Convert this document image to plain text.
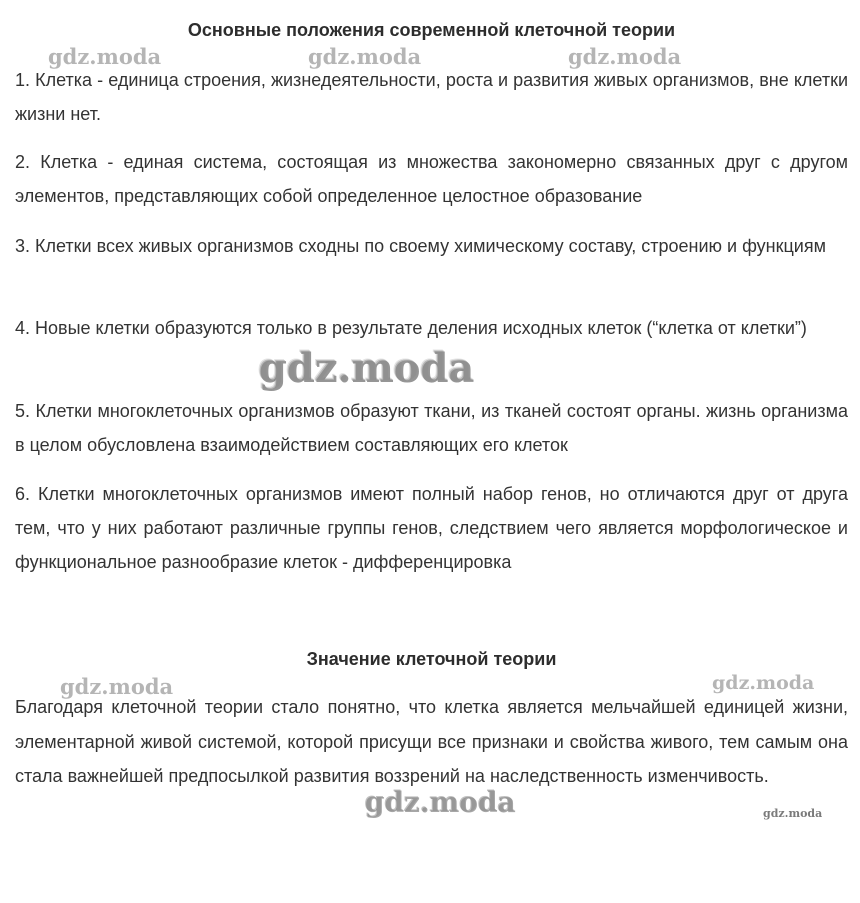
Основные положения современной клеточной теории

1. Клетка - единица строения, жизнедеятельности, роста и развития живых организмов, вне клетки жизни нет.

2. Клетка - единая система, состоящая из множества закономерно связанных друг с другом элементов, представляющих собой определенное целостное образование

3. Клетки всех живых организмов сходны по своему химическому составу, строению и функциям

4. Новые клетки образуются только в результате деления исходных клеток (“клетка от клетки”)

5. Клетки многоклеточных организмов образуют ткани, из тканей состоят органы. жизнь организма в целом обусловлена взаимодействием составляющих его клеток

6. Клетки многоклеточных организмов имеют полный набор генов, но отличаются друг от друга тем, что у них работают различные группы генов, следствием чего является морфологическое и функциональное разнообразие клеток - дифференцировка

Значение клеточной теории

Благодаря клеточной теории стало понятно, что клетка является мельчайшей единицей жизни, элементарной живой системой, которой присущи все признаки и свойства живого, тем самым она стала важнейшей предпосылкой развития воззрений на наследственность изменчивость.

gdz.moda	gdz.moda	gdz.moda
gdz.moda
gdz.moda	gdz.moda
gdz.moda	gdz.moda
